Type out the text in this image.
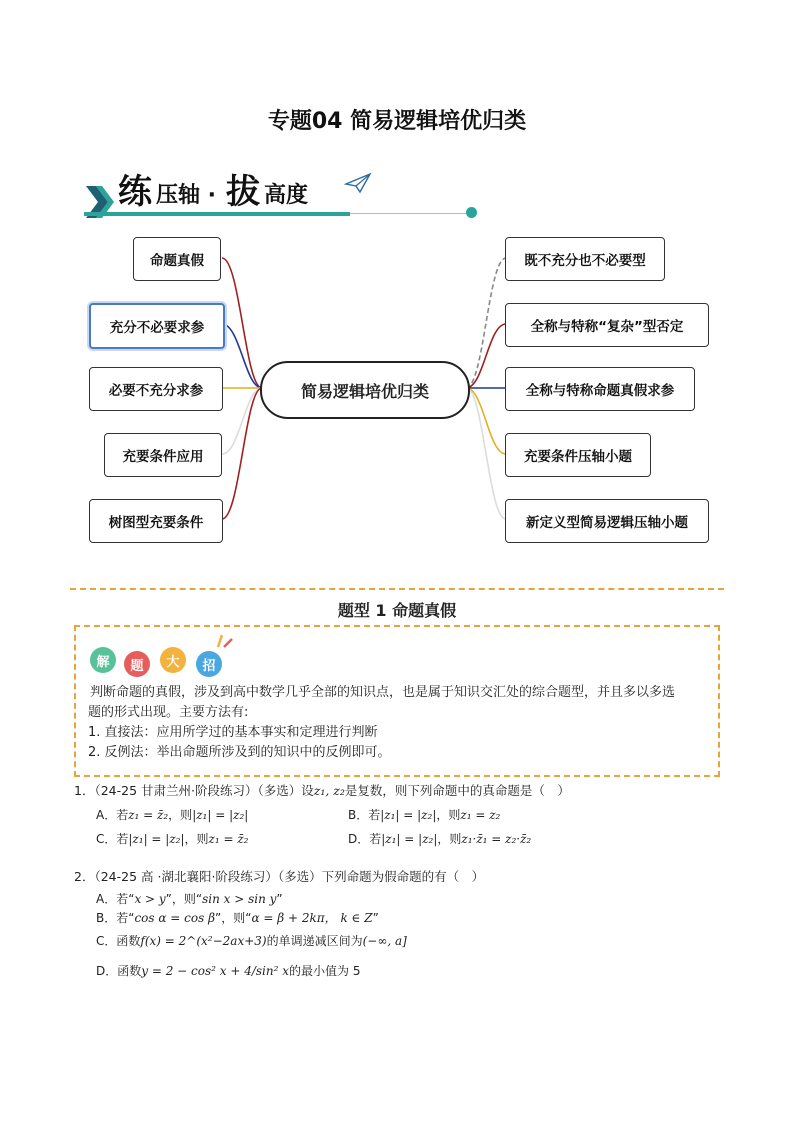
专题04 简易逻辑培优归类
练 压轴 · 拔 高度
简易逻辑培优归类
命题真假
充分不必要求参
必要不充分求参
充要条件应用
树图型充要条件
既不充分也不必要型
全称与特称“复杂”型否定
全称与特称命题真假求参
充要条件压轴小题
新定义型简易逻辑压轴小题
题型 1 命题真假
解	题	大	招
判断命题的真假，涉及到高中数学几乎全部的知识点，也是属于知识交汇处的综合题型，并且多以多选
题的形式出现。主要方法有:
1. 直接法：应用所学过的基本事实和定理进行判断
2. 反例法：举出命题所涉及到的知识中的反例即可。
1．（24-25 甘肃兰州·阶段练习）（多选）设z₁, z₂是复数，则下列命题中的真命题是（　）
A．若z₁ = z̄₂，则|z₁| = |z₂|	B．若|z₁| = |z₂|，则z₁ = z₂
C．若|z₁| = |z₂|，则z₁ = z̄₂	D．若|z₁| = |z₂|，则z₁·z̄₁ = z₂·z̄₂
2．（24-25 高 ·湖北襄阳·阶段练习）（多选）下列命题为假命题的有（　）
A．若“x > y”，则“sin x > sin y”
B．若“cos α = cos β”，则“α = β + 2kπ， k ∈ Z”
C．函数f(x) = 2^(x²−2ax+3)的单调递减区间为(−∞, a]
D．函数y = 2 − cos² x + 4/sin² x的最小值为 5
